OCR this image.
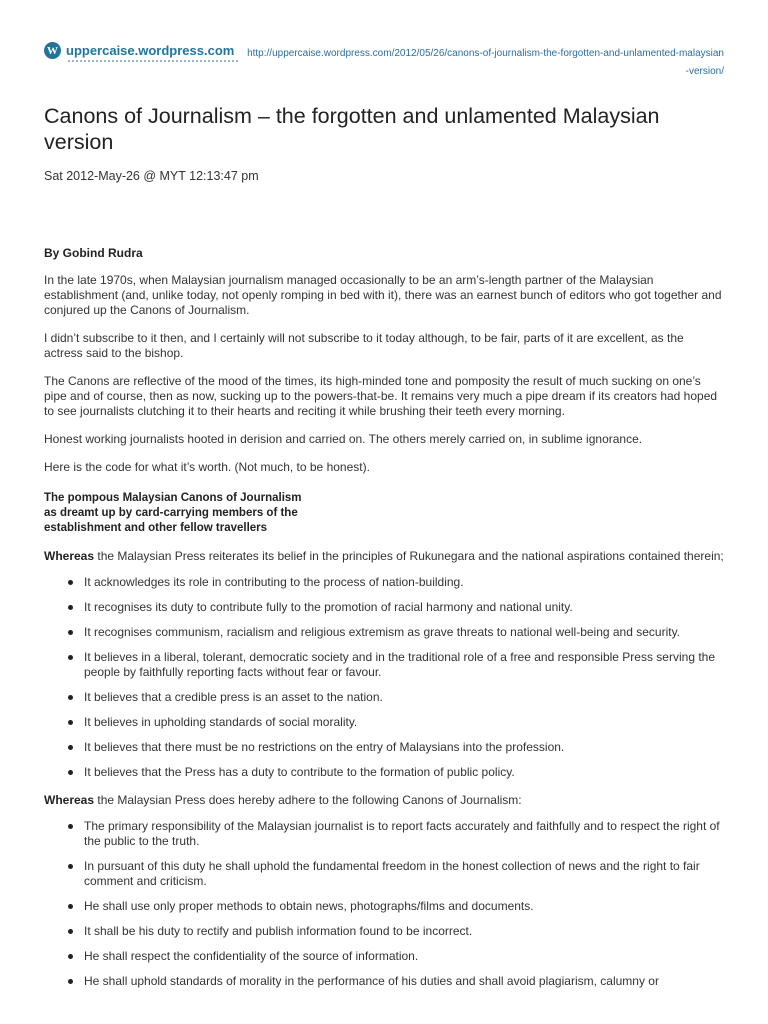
W uppercaise.wordpress.com	http://uppercaise.wordpress.com/2012/05/26/canons-of-journalism-the-forgotten-and-unlamented-malaysian-version/
Canons of Journalism – the forgotten and unlamented Malaysian version
Sat 2012-May-26 @ MYT 12:13:47 pm
By Gobind Rudra

In the late 1970s, when Malaysian journalism managed occasionally to be an arm’s-length partner of the Malaysian establishment (and, unlike today, not openly romping in bed with it), there was an earnest bunch of editors who got together and conjured up the Canons of Journalism.

I didn’t subscribe to it then, and I certainly will not subscribe to it today although, to be fair, parts of it are excellent, as the actress said to the bishop.

The Canons are reflective of the mood of the times, its high-minded tone and pomposity the result of much sucking on one’s pipe and of course, then as now, sucking up to the powers-that-be. It remains very much a pipe dream if its creators had hoped to see journalists clutching it to their hearts and reciting it while brushing their teeth every morning.

Honest working journalists hooted in derision and carried on. The others merely carried on, in sublime ignorance.

Here is the code for what it’s worth. (Not much, to be honest).

The pompous Malaysian Canons of Journalism
as dreamt up by card-carrying members of the
establishment and other fellow travellers

Whereas the Malaysian Press reiterates its belief in the principles of Rukunegara and the national aspirations contained therein;

It acknowledges its role in contributing to the process of nation-building.
It recognises its duty to contribute fully to the promotion of racial harmony and national unity.
It recognises communism, racialism and religious extremism as grave threats to national well-being and security.
It believes in a liberal, tolerant, democratic society and in the traditional role of a free and responsible Press serving the people by faithfully reporting facts without fear or favour.
It believes that a credible press is an asset to the nation.
It believes in upholding standards of social morality.
It believes that there must be no restrictions on the entry of Malaysians into the profession.
It believes that the Press has a duty to contribute to the formation of public policy.

Whereas the Malaysian Press does hereby adhere to the following Canons of Journalism:

The primary responsibility of the Malaysian journalist is to report facts accurately and faithfully and to respect the right of the public to the truth.
In pursuant of this duty he shall uphold the fundamental freedom in the honest collection of news and the right to fair comment and criticism.
He shall use only proper methods to obtain news, photographs/films and documents.
It shall be his duty to rectify and publish information found to be incorrect.
He shall respect the confidentiality of the source of information.
He shall uphold standards of morality in the performance of his duties and shall avoid plagiarism, calumny or
